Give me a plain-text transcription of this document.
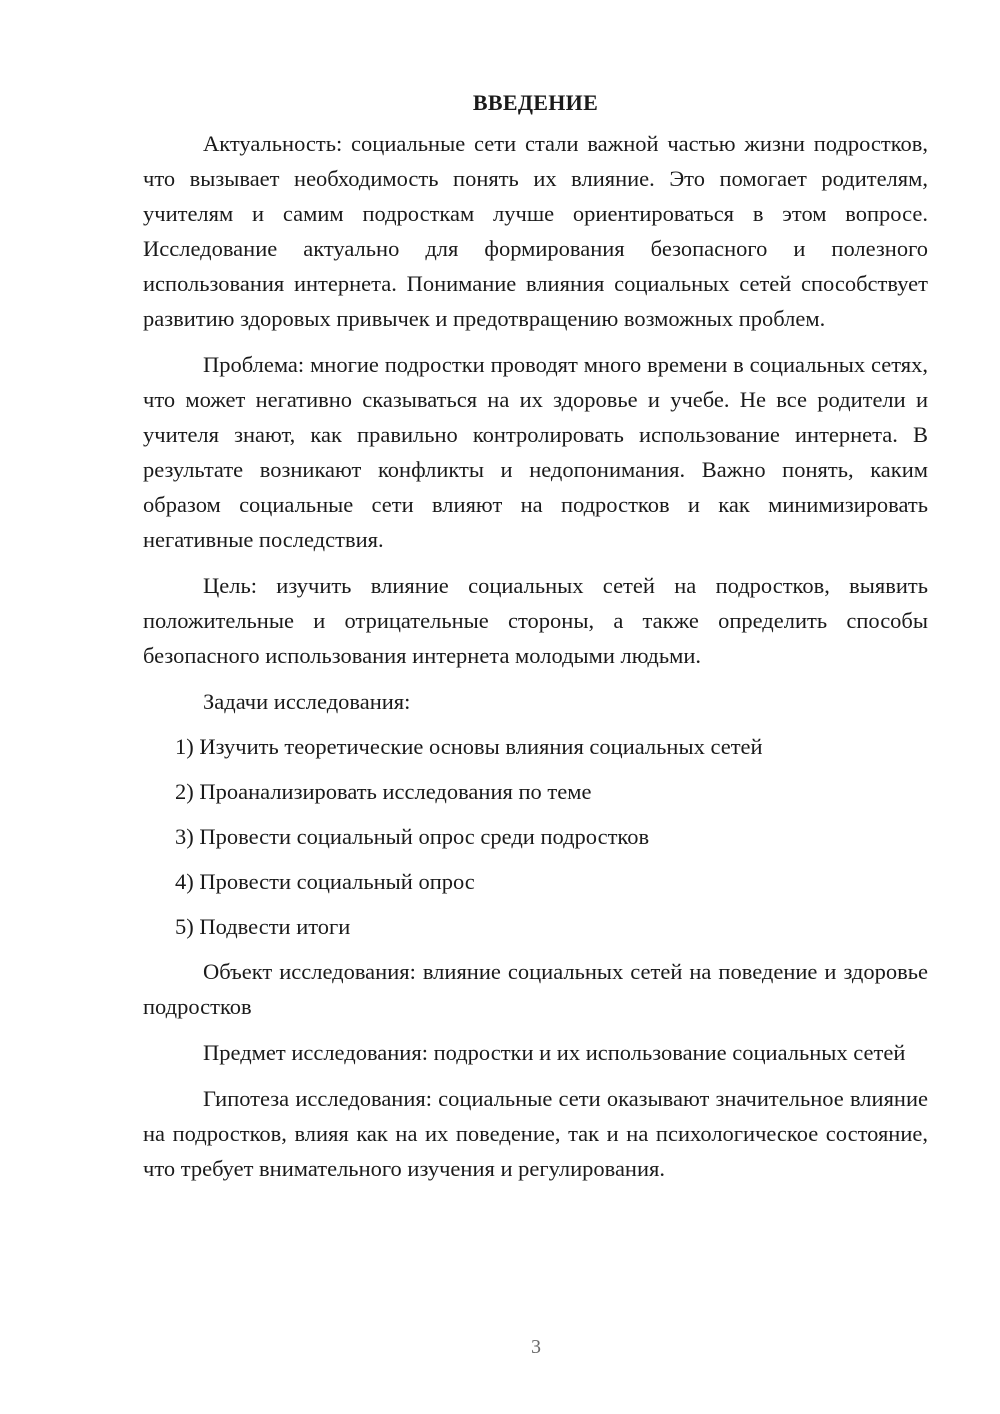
ВВЕДЕНИЕ

Актуальность: социальные сети стали важной частью жизни подростков, что вызывает необходимость понять их влияние. Это помогает родителям, учителям и самим подросткам лучше ориентироваться в этом вопросе. Исследование актуально для формирования безопасного и полезного использования интернета. Понимание влияния социальных сетей способствует развитию здоровых привычек и предотвращению возможных проблем.

Проблема: многие подростки проводят много времени в социальных сетях, что может негативно сказываться на их здоровье и учебе. Не все родители и учителя знают, как правильно контролировать использование интернета. В результате возникают конфликты и недопонимания. Важно понять, каким образом социальные сети влияют на подростков и как минимизировать негативные последствия.

Цель: изучить влияние социальных сетей на подростков, выявить положительные и отрицательные стороны, а также определить способы безопасного использования интернета молодыми людьми.

Задачи исследования:

1) Изучить теоретические основы влияния социальных сетей

2) Проанализировать исследования по теме

3) Провести социальный опрос среди подростков

4) Провести социальный опрос

5) Подвести итоги

Объект исследования: влияние социальных сетей на поведение и здоровье подростков

Предмет исследования: подростки и их использование социальных сетей

Гипотеза исследования: социальные сети оказывают значительное влияние на подростков, влияя как на их поведение, так и на психологическое состояние, что требует внимательного изучения и регулирования.

3
